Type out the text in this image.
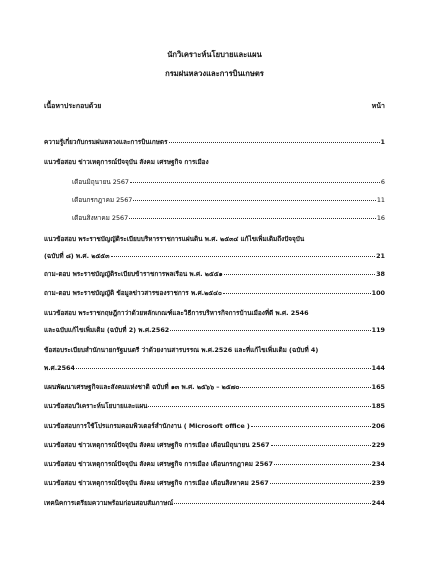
นักวิเคราะห์นโยบายและแผน
กรมฝนหลวงและการบินเกษตร
เนื้อหาประกอบด้วย	หน้า
ความรู้เกี่ยวกับกรมฝนหลวงและการบินเกษตร	1
แนวข้อสอบ ข่าวเหตุการณ์ปัจจุบัน สังคม เศรษฐกิจ การเมือง
เดือนมิถุนายน 2567	6
เดือนกรกฎาคม 2567	11
เดือนสิงหาคม 2567	16
แนวข้อสอบ พระราชบัญญัติระเบียบบริหารราชการแผ่นดิน พ.ศ. ๒๕๓๔ แก้ไขเพิ่มเติมถึงปัจจุบัน
(ฉบับที่ ๘) พ.ศ. ๒๕๕๓	21
ถาม-ตอบ พระราชบัญญัติระเบียบข้าราชการพลเรือน พ.ศ. ๒๕๕๑	38
ถาม-ตอบ พระราชบัญญัติ ข้อมูลข่าวสารของราชการ พ.ศ.๒๕๔๐	100
แนวข้อสอบ พระราชกฤษฎีกาว่าด้วยหลักเกณฑ์และวิธีการบริหารกิจการบ้านเมืองที่ดี พ.ศ. 2546
และฉบับแก้ไขเพิ่มเติม (ฉบับที่ 2) พ.ศ.2562	119
ข้อสอบระเบียบสำนักนายกรัฐมนตรี ว่าด้วยงานสารบรรณ พ.ศ.2526 และที่แก้ไขเพิ่มเติม (ฉบับที่ 4)
พ.ศ.2564	144
แผนพัฒนาเศรษฐกิจและสังคมแห่งชาติ ฉบับที่ ๑๓ พ.ศ. ๒๕๖๖ – ๒๕๗๐	165
แนวข้อสอบวิเคราะห์นโยบายและแผน	185
แนวข้อสอบการใช้โปรแกรมคอมพิวเตอร์สำนักงาน ( Microsoft office )	206
แนวข้อสอบ ข่าวเหตุการณ์ปัจจุบัน สังคม เศรษฐกิจ การเมือง เดือนมิถุนายน 2567	229
แนวข้อสอบ ข่าวเหตุการณ์ปัจจุบัน สังคม เศรษฐกิจ การเมือง เดือนกรกฎาคม 2567	234
แนวข้อสอบ ข่าวเหตุการณ์ปัจจุบัน สังคม เศรษฐกิจ การเมือง เดือนสิงหาคม 2567	239
เทคนิคการเตรียมความพร้อมก่อนสอบสัมภาษณ์	244
